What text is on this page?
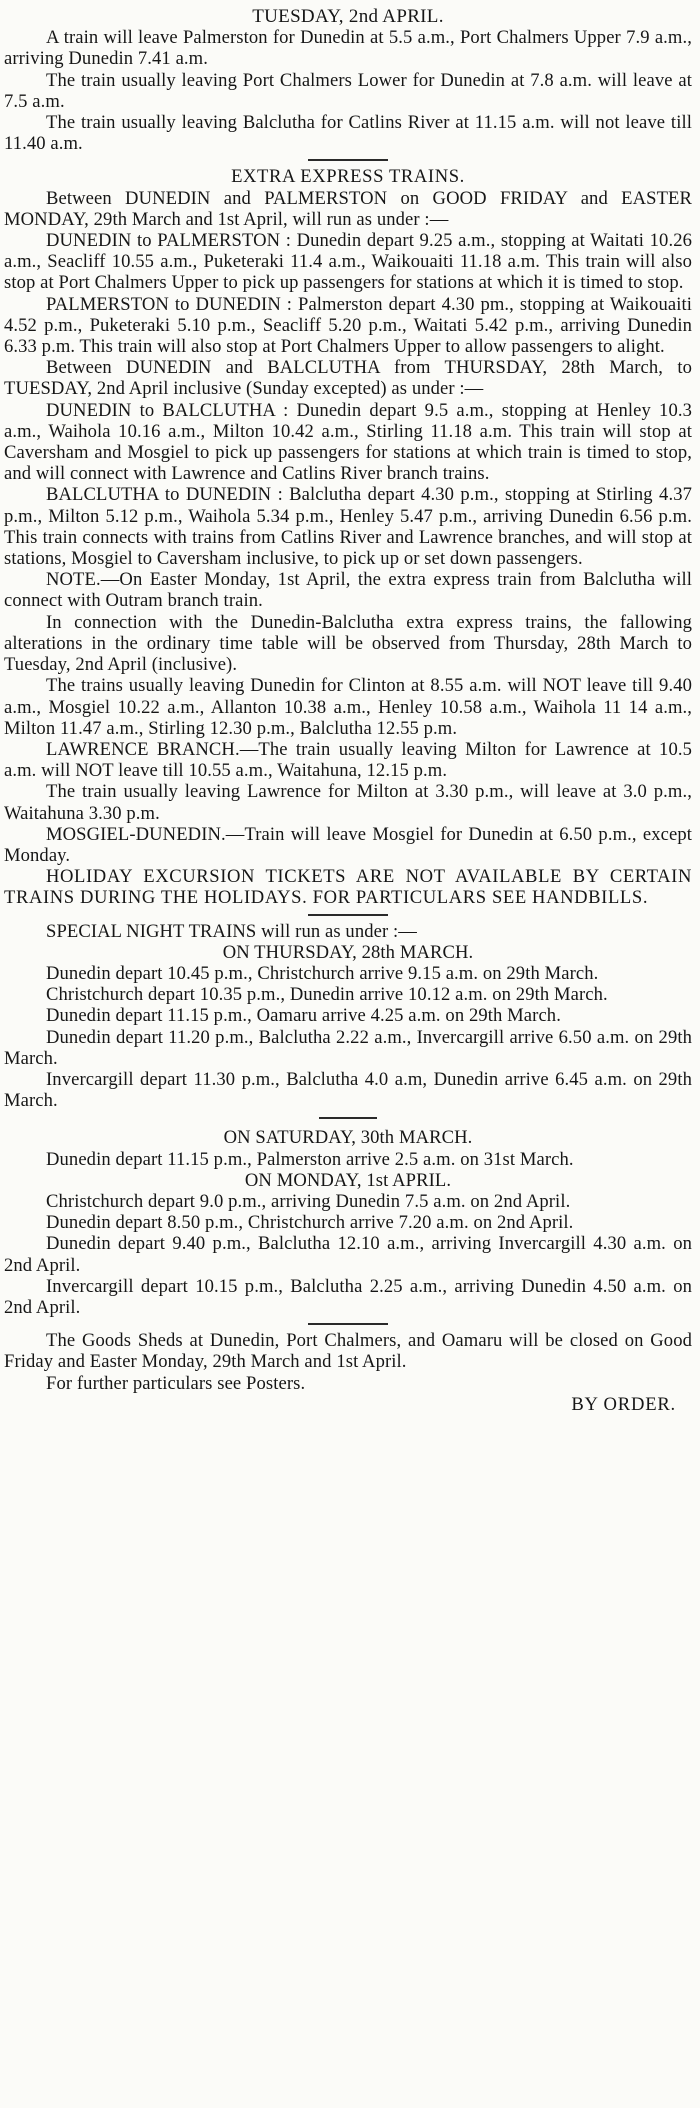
TUESDAY, 2nd APRIL.

A train will leave Palmerston for Dunedin at 5.5 a.m., Port Chalmers Upper 7.9 a.m., arriving Dunedin 7.41 a.m.

The train usually leaving Port Chalmers Lower for Dunedin at 7.8 a.m. will leave at 7.5 a.m.

The train usually leaving Balclutha for Catlins River at 11.15 a.m. will not leave till 11.40 a.m.

EXTRA EXPRESS TRAINS.

Between DUNEDIN and PALMERSTON on GOOD FRIDAY and EASTER MONDAY, 29th March and 1st April, will run as under :—

DUNEDIN to PALMERSTON : Dunedin depart 9.25 a.m., stopping at Waitati 10.26 a.m., Seacliff 10.55 a.m., Puketeraki 11.4 a.m., Waikouaiti 11.18 a.m. This train will also stop at Port Chalmers Upper to pick up passengers for stations at which it is timed to stop.

PALMERSTON to DUNEDIN : Palmerston depart 4.30 pm., stopping at Waikouaiti 4.52 p.m., Puketeraki 5.10 p.m., Seacliff 5.20 p.m., Waitati 5.42 p.m., arriving Dunedin 6.33 p.m. This train will also stop at Port Chalmers Upper to allow passengers to alight.

Between DUNEDIN and BALCLUTHA from THURSDAY, 28th March, to TUESDAY, 2nd April inclusive (Sunday excepted) as under :—

DUNEDIN to BALCLUTHA : Dunedin depart 9.5 a.m., stopping at Henley 10.3 a.m., Waihola 10.16 a.m., Milton 10.42 a.m., Stirling 11.18 a.m. This train will stop at Caversham and Mosgiel to pick up passengers for stations at which train is timed to stop, and will connect with Lawrence and Catlins River branch trains.

BALCLUTHA to DUNEDIN : Balclutha depart 4.30 p.m., stopping at Stirling 4.37 p.m., Milton 5.12 p.m., Waihola 5.34 p.m., Henley 5.47 p.m., arriving Dunedin 6.56 p.m. This train connects with trains from Catlins River and Lawrence branches, and will stop at stations, Mosgiel to Caversham inclusive, to pick up or set down passengers.

NOTE.—On Easter Monday, 1st April, the extra express train from Balclutha will connect with Outram branch train.

In connection with the Dunedin-Balclutha extra express trains, the fallowing alterations in the ordinary time table will be observed from Thursday, 28th March to Tuesday, 2nd April (inclusive).

The trains usually leaving Dunedin for Clinton at 8.55 a.m. will NOT leave till 9.40 a.m., Mosgiel 10.22 a.m., Allanton 10.38 a.m., Henley 10.58 a.m., Waihola 11 14 a.m., Milton 11.47 a.m., Stirling 12.30 p.m., Balclutha 12.55 p.m.

LAWRENCE BRANCH.—The train usually leaving Milton for Lawrence at 10.5 a.m. will NOT leave till 10.55 a.m., Waitahuna, 12.15 p.m.

The train usually leaving Lawrence for Milton at 3.30 p.m., will leave at 3.0 p.m., Waitahuna 3.30 p.m.

MOSGIEL-DUNEDIN.—Train will leave Mosgiel for Dunedin at 6.50 p.m., except Monday.

HOLIDAY EXCURSION TICKETS ARE NOT AVAILABLE BY CERTAIN TRAINS DURING THE HOLIDAYS. FOR PARTICULARS SEE HANDBILLS.

SPECIAL NIGHT TRAINS will run as under :—

ON THURSDAY, 28th MARCH.

Dunedin depart 10.45 p.m., Christchurch arrive 9.15 a.m. on 29th March.

Christchurch depart 10.35 p.m., Dunedin arrive 10.12 a.m. on 29th March.

Dunedin depart 11.15 p.m., Oamaru arrive 4.25 a.m. on 29th March.

Dunedin depart 11.20 p.m., Balclutha 2.22 a.m., Invercargill arrive 6.50 a.m. on 29th March.

Invercargill depart 11.30 p.m., Balclutha 4.0 a.m, Dunedin arrive 6.45 a.m. on 29th March.

ON SATURDAY, 30th MARCH.

Dunedin depart 11.15 p.m., Palmerston arrive 2.5 a.m. on 31st March.

ON MONDAY, 1st APRIL.

Christchurch depart 9.0 p.m., arriving Dunedin 7.5 a.m. on 2nd April.

Dunedin depart 8.50 p.m., Christchurch arrive 7.20 a.m. on 2nd April.

Dunedin depart 9.40 p.m., Balclutha 12.10 a.m., arriving Invercargill 4.30 a.m. on 2nd April.

Invercargill depart 10.15 p.m., Balclutha 2.25 a.m., arriving Dunedin 4.50 a.m. on 2nd April.

The Goods Sheds at Dunedin, Port Chalmers, and Oamaru will be closed on Good Friday and Easter Monday, 29th March and 1st April.

For further particulars see Posters.

BY ORDER.
